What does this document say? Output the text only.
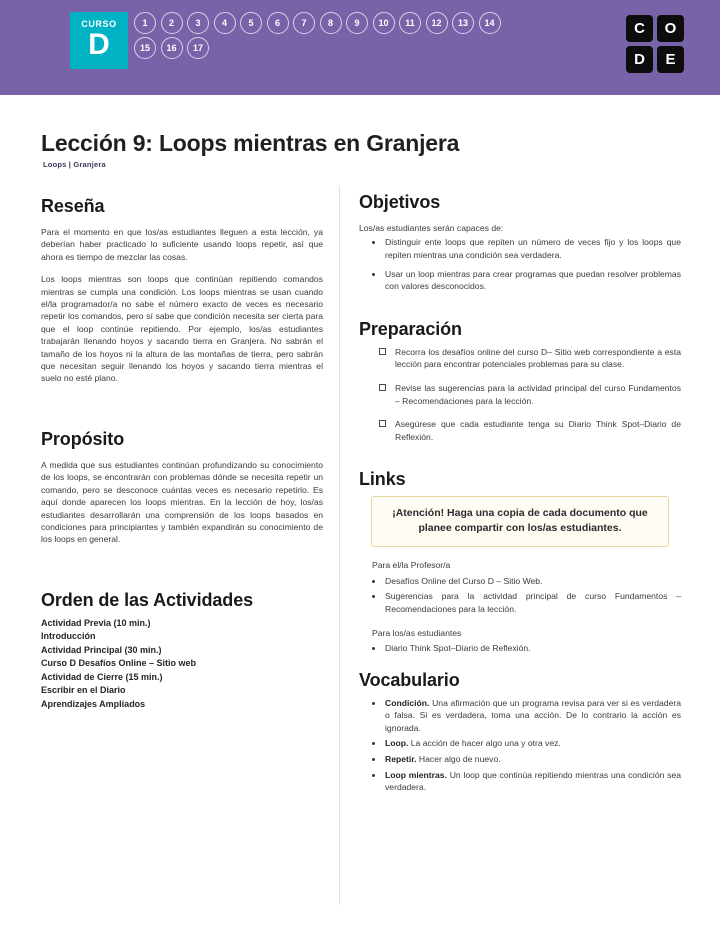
CURSO
D
1	2	3	4	5	6	7	8	9	10	11	12	13	14
15	16	17
C	O
D	E
Lección 9: Loops mientras en Granjera
Loops | Granjera
Reseña

Para el momento en que los/as estudiantes lleguen a esta lección, ya deberían haber practicado lo suficiente usando loops repetir, así que ahora es tiempo de mezclar las cosas.

Los loops mientras son loops que continúan repitiendo comandos mientras se cumpla una condición. Los loops mientras se usan cuando el/la programador/a no sabe el número exacto de veces es necesario repetir los comandos, pero sí sabe que condición necesita ser cierta para que el loop continúe repitiendo. Por ejemplo, los/as estudiantes trabajarán llenando hoyos y sacando tierra en Granjera. No sabrán el tamaño de los hoyos ni la altura de las montañas de tierra, pero sabrán que necesitan seguir llenando los hoyos y sacando tierra mientras el suelo no esté plano.

Propósito

A medida que sus estudiantes continúan profundizando su conocimiento de los loops, se encontrarán con problemas dónde se necesita repetir un comando, pero se desconoce cuántas veces es necesario repetirlo. Es aquí donde aparecen los loops mientras. En la lección de hoy, los/as estudiantes desarrollarán una comprensión de los loops basados en condiciones para principiantes y también expandirán su conocimiento de los loops en general.

Orden de las Actividades
Actividad Previa (10 min.)
Introducción
Actividad Principal (30 min.)
Curso D Desafíos Online – Sitio web
Actividad de Cierre (15 min.)
Escribir en el Diario
Aprendizajes Ampliados
Objetivos

Los/as estudiantes serán capaces de:

Distinguir ente loops que repiten un número de veces fijo y los loops que repiten mientras una condición sea verdadera.
Usar un loop mientras para crear programas que puedan resolver problemas con valores desconocidos.
Preparación
Recorra los desafíos online del curso D– Sitio web correspondiente a esta lección para encontrar potenciales problemas para su clase.
Revise las sugerencias para la actividad principal del curso Fundamentos – Recomendaciones para la lección.
Asegúrese que cada estudiante tenga su Diario Think Spot–Diario de Reflexión.
Links
¡Atención! Haga una copia de cada documento que planee compartir con los/as estudiantes.
Para el/la Profesor/a
Desafíos Online del Curso D – Sitio Web.
Sugerencias para la actividad principal de curso Fundamentos – Recomendaciones para la lección.
Para los/as estudiantes
Diario Think Spot–Diario de Reflexión.
Vocabulario
Condición. Una afirmación que un programa revisa para ver si es verdadera o falsa. Si es verdadera, toma una acción. De lo contrario la acción es ignorada.
Loop. La acción de hacer algo una y otra vez.
Repetir. Hacer algo de nuevo.
Loop mientras. Un loop que continúa repitiendo mientras una condición sea verdadera.
